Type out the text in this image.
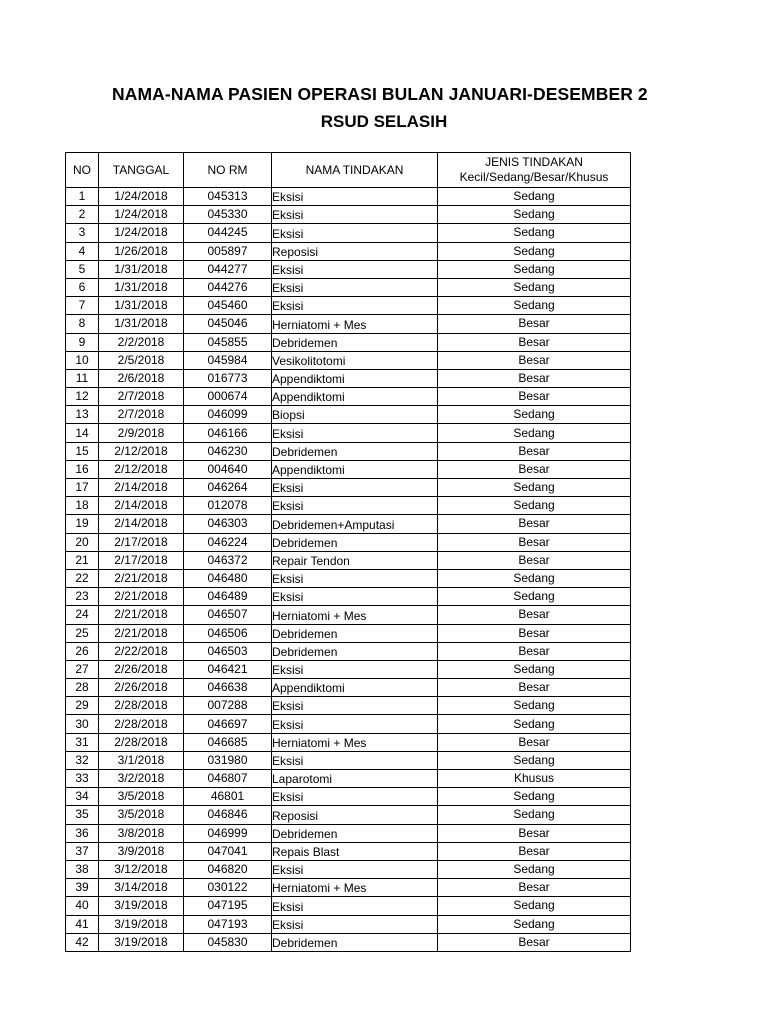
NAMA-NAMA PASIEN OPERASI BULAN JANUARI-DESEMBER 2
RSUD SELASIH
NO	TANGGAL	NO RM	NAMA TINDAKAN	JENIS TINDAKAN
Kecil/Sedang/Besar/Khusus

1	1/24/2018	045313	Eksisi	Sedang
2	1/24/2018	045330	Eksisi	Sedang
3	1/24/2018	044245	Eksisi	Sedang
4	1/26/2018	005897	Reposisi	Sedang
5	1/31/2018	044277	Eksisi	Sedang
6	1/31/2018	044276	Eksisi	Sedang
7	1/31/2018	045460	Eksisi	Sedang
8	1/31/2018	045046	Herniatomi + Mes	Besar
9	2/2/2018	045855	Debridemen	Besar
10	2/5/2018	045984	Vesikolitotomi	Besar
11	2/6/2018	016773	Appendiktomi	Besar
12	2/7/2018	000674	Appendiktomi	Besar
13	2/7/2018	046099	Biopsi	Sedang
14	2/9/2018	046166	Eksisi	Sedang
15	2/12/2018	046230	Debridemen	Besar
16	2/12/2018	004640	Appendiktomi	Besar
17	2/14/2018	046264	Eksisi	Sedang
18	2/14/2018	012078	Eksisi	Sedang
19	2/14/2018	046303	Debridemen+Amputasi	Besar
20	2/17/2018	046224	Debridemen	Besar
21	2/17/2018	046372	Repair Tendon	Besar
22	2/21/2018	046480	Eksisi	Sedang
23	2/21/2018	046489	Eksisi	Sedang
24	2/21/2018	046507	Herniatomi + Mes	Besar
25	2/21/2018	046506	Debridemen	Besar
26	2/22/2018	046503	Debridemen	Besar
27	2/26/2018	046421	Eksisi	Sedang
28	2/26/2018	046638	Appendiktomi	Besar
29	2/28/2018	007288	Eksisi	Sedang
30	2/28/2018	046697	Eksisi	Sedang
31	2/28/2018	046685	Herniatomi + Mes	Besar
32	3/1/2018	031980	Eksisi	Sedang
33	3/2/2018	046807	Laparotomi	Khusus
34	3/5/2018	46801	Eksisi	Sedang
35	3/5/2018	046846	Reposisi	Sedang
36	3/8/2018	046999	Debridemen	Besar
37	3/9/2018	047041	Repais Blast	Besar
38	3/12/2018	046820	Eksisi	Sedang
39	3/14/2018	030122	Herniatomi + Mes	Besar
40	3/19/2018	047195	Eksisi	Sedang
41	3/19/2018	047193	Eksisi	Sedang
42	3/19/2018	045830	Debridemen	Besar
